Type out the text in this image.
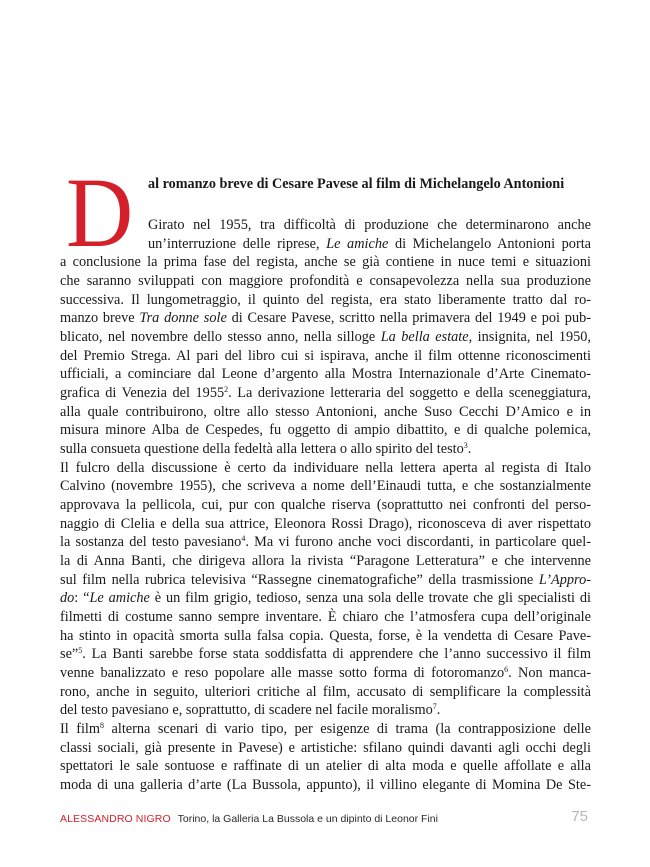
D al romanzo breve di Cesare Pavese al film di Michelangelo Antonioni
Girato nel 1955, tra difficoltà di produzione che determinarono anche
un’interruzione delle riprese, Le amiche di Michelangelo Antonioni porta
a conclusione la prima fase del regista, anche se già contiene in nuce temi e situazioni
che saranno sviluppati con maggiore profondità e consapevolezza nella sua produzione
successiva. Il lungometraggio, il quinto del regista, era stato liberamente tratto dal ro-
manzo breve Tra donne sole di Cesare Pavese, scritto nella primavera del 1949 e poi pub-
blicato, nel novembre dello stesso anno, nella silloge La bella estate, insignita, nel 1950,
del Premio Strega. Al pari del libro cui si ispirava, anche il film ottenne riconoscimenti
ufficiali, a cominciare dal Leone d’argento alla Mostra Internazionale d’Arte Cinemato-
grafica di Venezia del 1955$^2$. La derivazione letteraria del soggetto e della sceneggiatura,
alla quale contribuirono, oltre allo stesso Antonioni, anche Suso Cecchi D’Amico e in
misura minore Alba de Cespedes, fu oggetto di ampio dibattito, e di qualche polemica,
sulla consueta questione della fedeltà alla lettera o allo spirito del testo$^3$.
Il fulcro della discussione è certo da individuare nella lettera aperta al regista di Italo
Calvino (novembre 1955), che scriveva a nome dell’Einaudi tutta, e che sostanzialmente
approvava la pellicola, cui, pur con qualche riserva (soprattutto nei confronti del perso-
naggio di Clelia e della sua attrice, Eleonora Rossi Drago), riconosceva di aver rispettato
la sostanza del testo pavesiano$^4$. Ma vi furono anche voci discordanti, in particolare quel-
la di Anna Banti, che dirigeva allora la rivista “Paragone Letteratura” e che intervenne
sul film nella rubrica televisiva “Rassegne cinematografiche” della trasmissione L’Appro-
do: “Le amiche è un film grigio, tedioso, senza una sola delle trovate che gli specialisti di
filmetti di costume sanno sempre inventare. È chiaro che l’atmosfera cupa dell’originale
ha stinto in opacità smorta sulla falsa copia. Questa, forse, è la vendetta di Cesare Pave-
se”$^5$. La Banti sarebbe forse stata soddisfatta di apprendere che l’anno successivo il film
venne banalizzato e reso popolare alle masse sotto forma di fotoromanzo$^6$. Non manca-
rono, anche in seguito, ulteriori critiche al film, accusato di semplificare la complessità
del testo pavesiano e, soprattutto, di scadere nel facile moralismo$^7$.
Il film$^8$ alterna scenari di vario tipo, per esigenze di trama (la contrapposizione delle
classi sociali, già presente in Pavese) e artistiche: sfilano quindi davanti agli occhi degli
spettatori le sale sontuose e raffinate di un atelier di alta moda e quelle affollate e alla
moda di una galleria d’arte (La Bussola, appunto), il villino elegante di Momina De Ste-
ALESSANDRO NIGRO Torino, la Galleria La Bussola e un dipinto di Leonor Fini	75
